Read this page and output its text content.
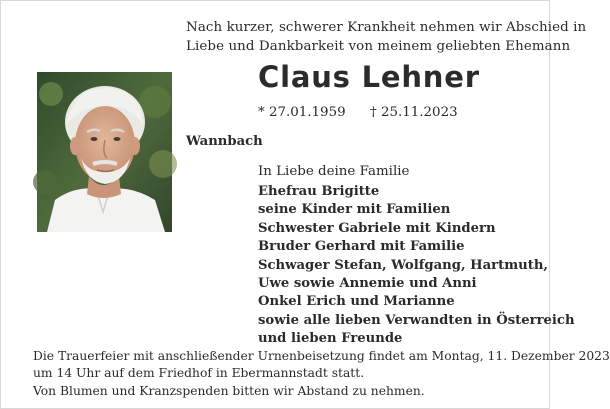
Nach kurzer, schwerer Krankheit nehmen wir Abschied in
Liebe und Dankbarkeit von meinem geliebten Ehemann
Claus Lehner
* 27.01.1959 † 25.11.2023
Wannbach
In Liebe deine Familie
Ehefrau Brigitte
seine Kinder mit Familien
Schwester Gabriele mit Kindern
Bruder Gerhard mit Familie
Schwager Stefan, Wolfgang, Hartmuth,
Uwe sowie Annemie und Anni
Onkel Erich und Marianne
sowie alle lieben Verwandten in Österreich
und lieben Freunde

Die Trauerfeier mit anschließender Urnenbeisetzung findet am Montag, 11. Dezember 2023
um 14 Uhr auf dem Friedhof in Ebermannstadt statt.

Von Blumen und Kranzspenden bitten wir Abstand zu nehmen.
